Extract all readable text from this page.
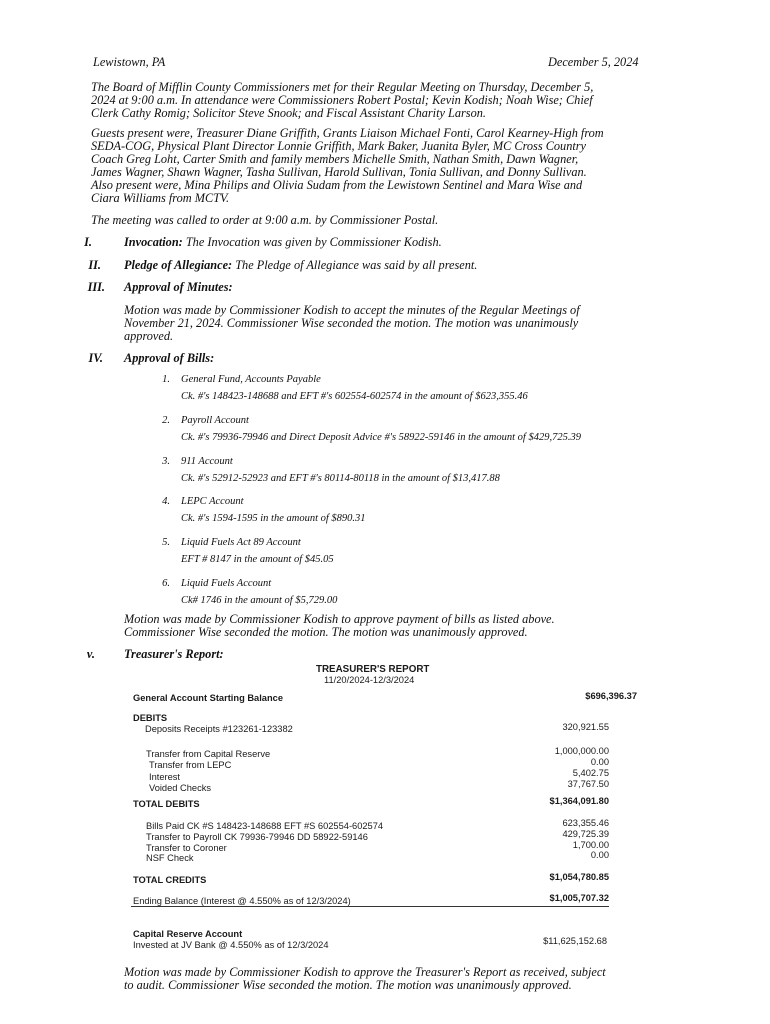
Lewistown, PA	December 5, 2024
The Board of Mifflin County Commissioners met for their Regular Meeting on Thursday, December 5,
2024 at 9:00 a.m. In attendance were Commissioners Robert Postal; Kevin Kodish; Noah Wise; Chief
Clerk Cathy Romig; Solicitor Steve Snook; and Fiscal Assistant Charity Larson.
Guests present were, Treasurer Diane Griffith, Grants Liaison Michael Fonti, Carol Kearney-High from
SEDA-COG, Physical Plant Director Lonnie Griffith, Mark Baker, Juanita Byler, MC Cross Country
Coach Greg Loht, Carter Smith and family members Michelle Smith, Nathan Smith, Dawn Wagner,
James Wagner, Shawn Wagner, Tasha Sullivan, Harold Sullivan, Tonia Sullivan, and Donny Sullivan.
Also present were, Mina Philips and Olivia Sudam from the Lewistown Sentinel and Mara Wise and
Ciara Williams from MCTV.
The meeting was called to order at 9:00 a.m. by Commissioner Postal.
I.	Invocation: The Invocation was given by Commissioner Kodish.
II. Pledge of Allegiance: The Pledge of Allegiance was said by all present.
III. Approval of Minutes:
Motion was made by Commissioner Kodish to accept the minutes of the Regular Meetings of
November 21, 2024. Commissioner Wise seconded the motion. The motion was unanimously
approved.
IV. Approval of Bills:
1. General Fund, Accounts Payable
Ck. #'s 148423-148688 and EFT #'s 602554-602574 in the amount of $623,355.46
2. Payroll Account
Ck. #'s 79936-79946 and Direct Deposit Advice #'s 58922-59146 in the amount of $429,725.39
3. 911 Account
Ck. #'s 52912-52923 and EFT #'s 80114-80118 in the amount of $13,417.88
4. LEPC Account
Ck. #'s 1594-1595 in the amount of $890.31
5. Liquid Fuels Act 89 Account
EFT # 8147 in the amount of $45.05
6. Liquid Fuels Account
Ck# 1746 in the amount of $5,729.00
Motion was made by Commissioner Kodish to approve payment of bills as listed above.
Commissioner Wise seconded the motion. The motion was unanimously approved.
v. Treasurer's Report:
TREASURER'S REPORT
11/20/2024-12/3/2024
General Account Starting Balance	$696,396.37
DEBITS
Deposits Receipts #123261-123382	320,921.55
Transfer from Capital Reserve	1,000,000.00
Transfer from LEPC	0.00
Interest	5,402.75
Voided Checks	37,767.50
TOTAL DEBITS	$1,364,091.80
Bills Paid CK #S 148423-148688 EFT #S 602554-602574	623,355.46
Transfer to Payroll CK 79936-79946 DD 58922-59146	429,725.39
Transfer to Coroner	1,700.00
NSF Check	0.00
TOTAL CREDITS	$1,054,780.85
Ending Balance (Interest @ 4.550% as of 12/3/2024)	$1,005,707.32
Capital Reserve Account
Invested at JV Bank @ 4.550% as of 12/3/2024	$11,625,152.68
Motion was made by Commissioner Kodish to approve the Treasurer's Report as received, subject
to audit. Commissioner Wise seconded the motion. The motion was unanimously approved.
